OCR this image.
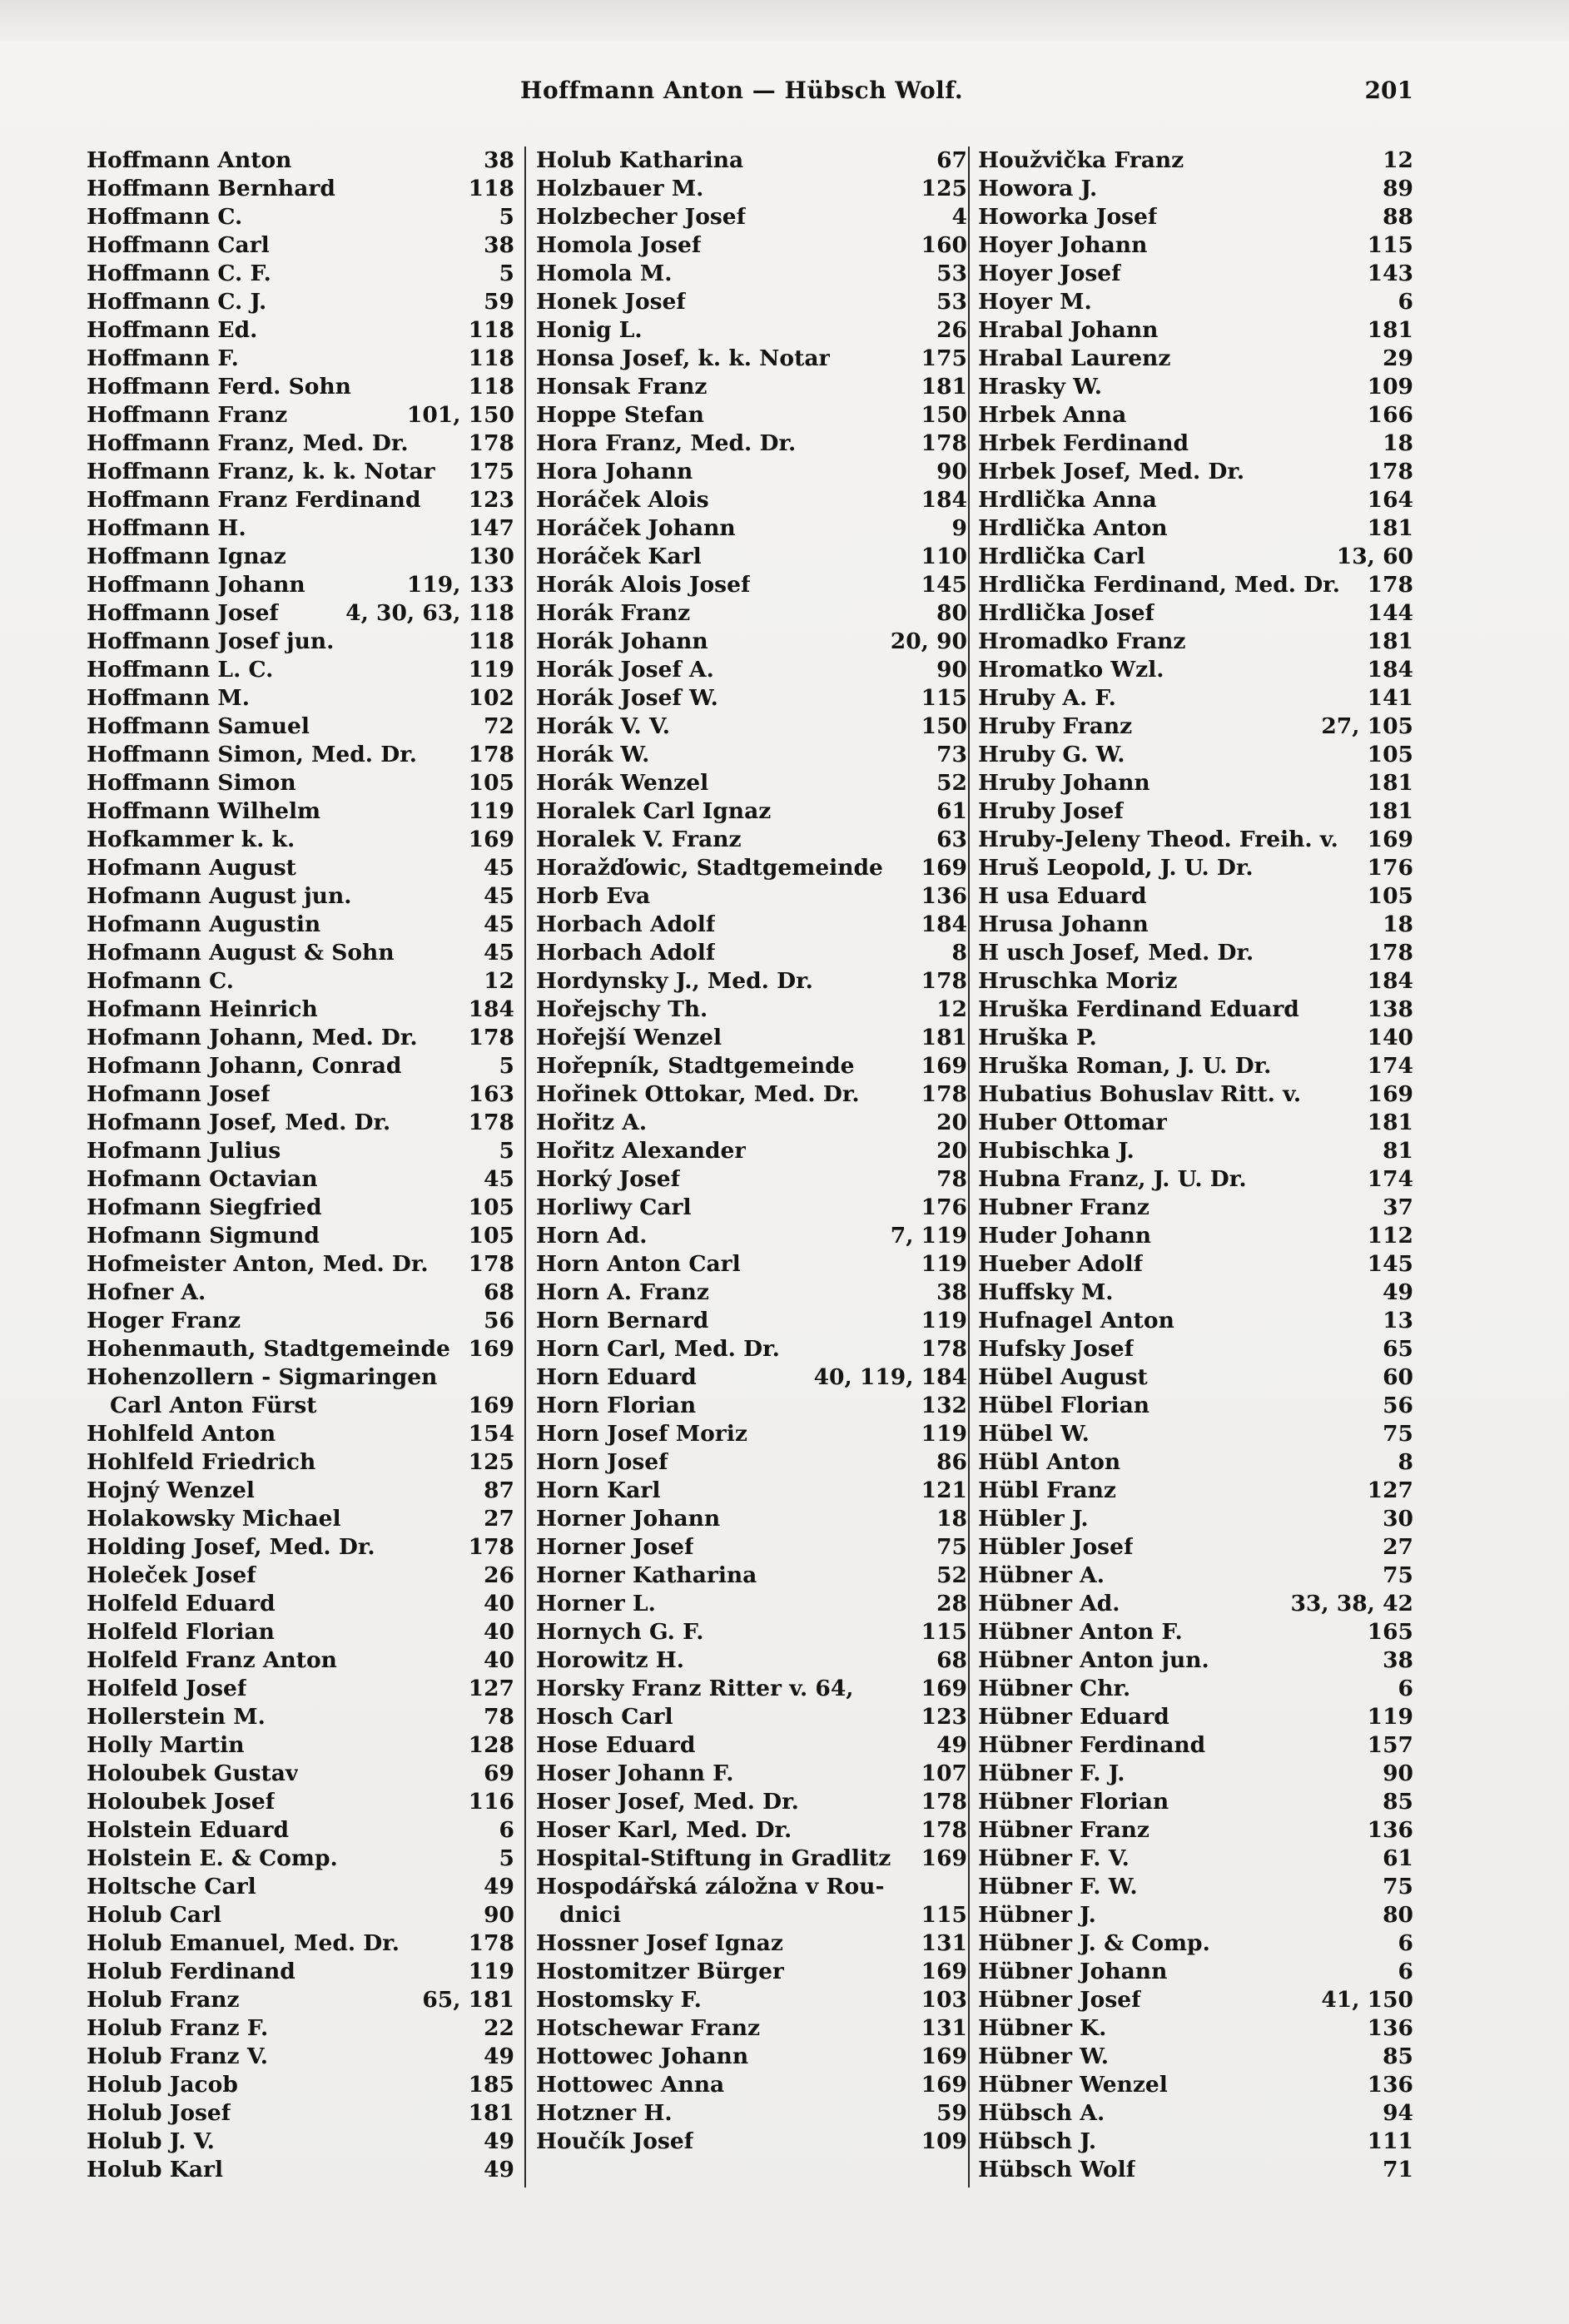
Hoffmann Anton — Hübsch Wolf.	201
Hoffmann Anton	38
Hoffmann Bernhard	118
Hoffmann C.	5
Hoffmann Carl	38
Hoffmann C. F.	5
Hoffmann C. J.	59
Hoffmann Ed.	118
Hoffmann F.	118
Hoffmann Ferd. Sohn	118
Hoffmann Franz	101, 150
Hoffmann Franz, Med. Dr.	178
Hoffmann Franz, k. k. Notar 175
Hoffmann Franz Ferdinand 123
Hoffmann H.	147
Hoffmann Ignaz	130
Hoffmann Johann	119, 133
Hoffmann Josef	4, 30, 63, 118
Hoffmann Josef jun.	118
Hoffmann L. C.	119
Hoffmann M.	102
Hoffmann Samuel	72
Hoffmann Simon, Med. Dr. 178
Hoffmann Simon	105
Hoffmann Wilhelm	119
Hofkammer k. k.	169
Hofmann August	45
Hofmann August jun.	45
Hofmann Augustin	45
Hofmann August & Sohn	45
Hofmann C.	12
Hofmann Heinrich	184
Hofmann Johann, Med. Dr. 178
Hofmann Johann, Conrad	5
Hofmann Josef	163
Hofmann Josef, Med. Dr.	178
Hofmann Julius	5
Hofmann Octavian	45
Hofmann Siegfried	105
Hofmann Sigmund	105
Hofmeister Anton, Med. Dr. 178
Hofner A.	68
Hoger Franz	56
Hohenmauth, Stadtgemeinde 169
Hohenzollern - Sigmaringen
Carl Anton Fürst	169
Hohlfeld Anton	154
Hohlfeld Friedrich	125
Hojný Wenzel	87
Holakowsky Michael	27
Holding Josef, Med. Dr.	178
Holeček Josef	26
Holfeld Eduard	40
Holfeld Florian	40
Holfeld Franz Anton	40
Holfeld Josef	127
Hollerstein M.	78
Holly Martin	128
Holoubek Gustav	69
Holoubek Josef	116
Holstein Eduard	6
Holstein E. & Comp.	5
Holtsche Carl	49
Holub Carl	90
Holub Emanuel, Med. Dr.	178
Holub Ferdinand	119
Holub Franz	65, 181
Holub Franz F.	22
Holub Franz V.	49
Holub Jacob	185
Holub Josef	181
Holub J. V.	49
Holub Karl	49
Holub Katharina	67
Holzbauer M.	125
Holzbecher Josef	4
Homola Josef	160
Homola M.	53
Honek Josef	53
Honig L.	26
Honsa Josef, k. k. Notar	175
Honsak Franz	181
Hoppe Stefan	150
Hora Franz, Med. Dr.	178
Hora Johann	90
Horáček Alois	184
Horáček Johann	9
Horáček Karl	110
Horák Alois Josef	145
Horák Franz	80
Horák Johann	20, 90
Horák Josef A.	90
Horák Josef W.	115
Horák V. V.	150
Horák W.	73
Horák Wenzel	52
Horalek Carl Ignaz	61
Horalek V. Franz	63
Horažďowic, Stadtgemeinde 169
Horb Eva	136
Horbach Adolf	184
Horbach Adolf	8
Hordynsky J., Med. Dr.	178
Hořejschy Th.	12
Hořejší Wenzel	181
Hořepník, Stadtgemeinde	169
Hořinek Ottokar, Med. Dr.	178
Hořitz A.	20
Hořitz Alexander	20
Horký Josef	78
Horliwy Carl	176
Horn Ad.	7, 119
Horn Anton Carl	119
Horn A. Franz	38
Horn Bernard	119
Horn Carl, Med. Dr.	178
Horn Eduard	40, 119, 184
Horn Florian	132
Horn Josef Moriz	119
Horn Josef	86
Horn Karl	121
Horner Johann	18
Horner Josef	75
Horner Katharina	52
Horner L.	28
Hornych G. F.	115
Horowitz H.	68
Horsky Franz Ritter v. 64,	169
Hosch Carl	123
Hose Eduard	49
Hoser Johann F.	107
Hoser Josef, Med. Dr.	178
Hoser Karl, Med. Dr.	178
Hospital-Stiftung in Gradlitz 169
Hospodářská záložna v Rou-
dnici	115
Hossner Josef Ignaz	131
Hostomitzer Bürger	169
Hostomsky F.	103
Hotschewar Franz	131
Hottowec Johann	169
Hottowec Anna	169
Hotzner H.	59
Houčík Josef	109
Houžvička Franz	12
Howora J.	89
Howorka Josef	88
Hoyer Johann	115
Hoyer Josef	143
Hoyer M.	6
Hrabal Johann	181
Hrabal Laurenz	29
Hrasky W.	109
Hrbek Anna	166
Hrbek Ferdinand	18
Hrbek Josef, Med. Dr.	178
Hrdlička Anna	164
Hrdlička Anton	181
Hrdlička Carl	13, 60
Hrdlička Ferdinand, Med. Dr. 178
Hrdlička Josef	144
Hromadko Franz	181
Hromatko Wzl.	184
Hruby A. F.	141
Hruby Franz	27, 105
Hruby G. W.	105
Hruby Johann	181
Hruby Josef	181
Hruby-Jeleny Theod. Freih. v. 169
Hruš Leopold, J. U. Dr.	176
H usa Eduard	105
Hrusa Johann	18
H usch Josef, Med. Dr.	178
Hruschka Moriz	184
Hruška Ferdinand Eduard	138
Hruška P.	140
Hruška Roman, J. U. Dr.	174
Hubatius Bohuslav Ritt. v.	169
Huber Ottomar	181
Hubischka J.	81
Hubna Franz, J. U. Dr.	174
Hubner Franz	37
Huder Johann	112
Hueber Adolf	145
Huffsky M.	49
Hufnagel Anton	13
Hufsky Josef	65
Hübel August	60
Hübel Florian	56
Hübel W.	75
Hübl Anton	8
Hübl Franz	127
Hübler J.	30
Hübler Josef	27
Hübner A.	75
Hübner Ad.	33, 38, 42
Hübner Anton F.	165
Hübner Anton jun.	38
Hübner Chr.	6
Hübner Eduard	119
Hübner Ferdinand	157
Hübner F. J.	90
Hübner Florian	85
Hübner Franz	136
Hübner F. V.	61
Hübner F. W.	75
Hübner J.	80
Hübner J. & Comp.	6
Hübner Johann	6
Hübner Josef	41, 150
Hübner K.	136
Hübner W.	85
Hübner Wenzel	136
Hübsch A.	94
Hübsch J.	111
Hübsch Wolf	71
